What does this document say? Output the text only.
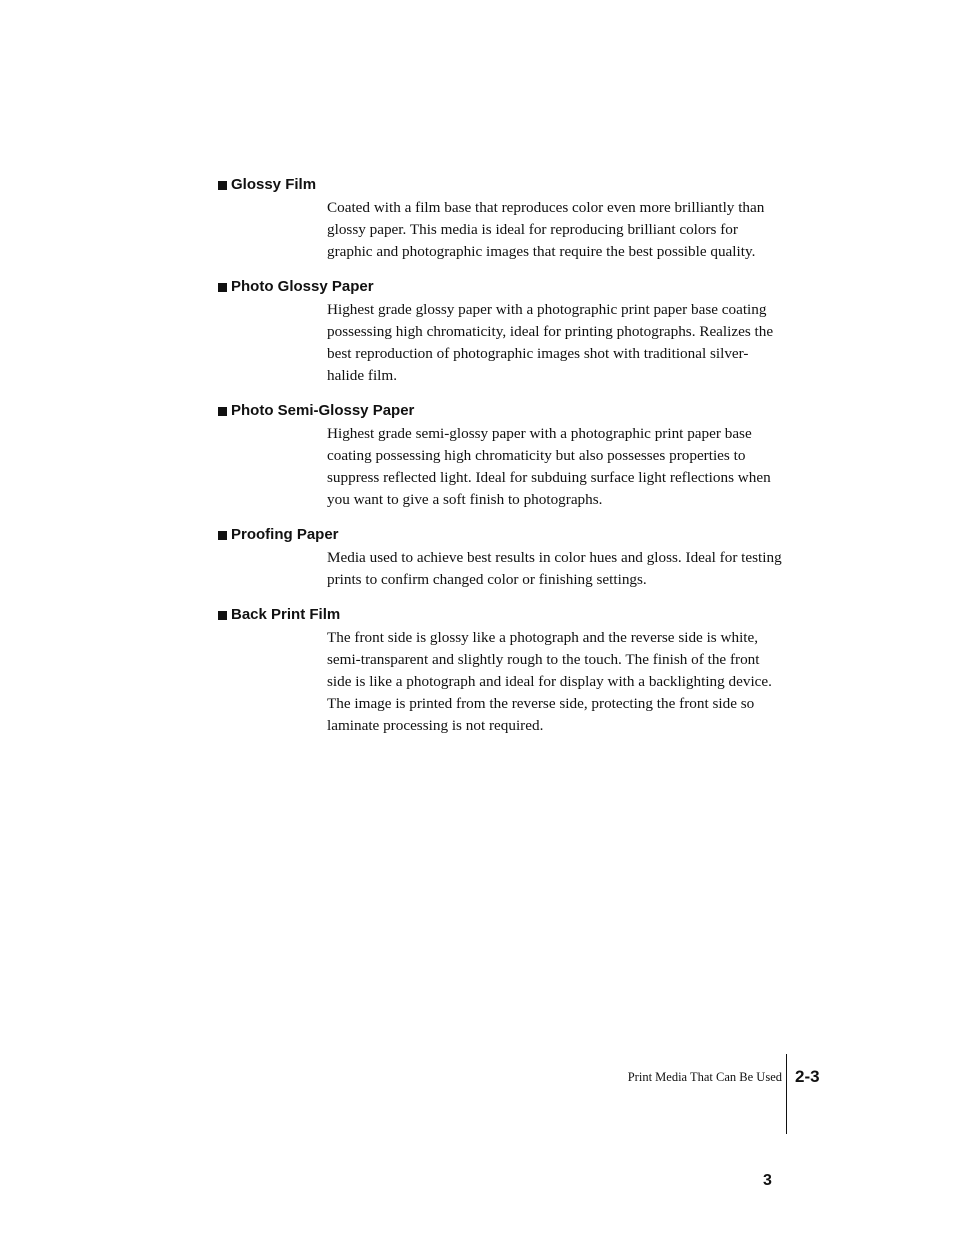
Glossy Film

Coated with a film base that reproduces color even more brilliantly than glossy paper. This media is ideal for reproducing brilliant colors for graphic and photographic images that require the best possible quality.

Photo Glossy Paper

Highest grade glossy paper with a photographic print paper base coating possessing high chromaticity, ideal for printing photographs. Realizes the best reproduction of photographic images shot with traditional silver-halide film.

Photo Semi-Glossy Paper

Highest grade semi-glossy paper with a photographic print paper base coating possessing high chromaticity but also possesses properties to suppress reflected light. Ideal for subduing surface light reflections when you want to give a soft finish to photographs.

Proofing Paper

Media used to achieve best results in color hues and gloss. Ideal for testing prints to confirm changed color or finishing settings.

Back Print Film

The front side is glossy like a photograph and the reverse side is white, semi-transparent and slightly rough to the touch. The finish of the front side is like a photograph and ideal for display with a backlighting device. The image is printed from the reverse side, protecting the front side so laminate processing is not required.

Print Media That Can Be Used 2-3
3
